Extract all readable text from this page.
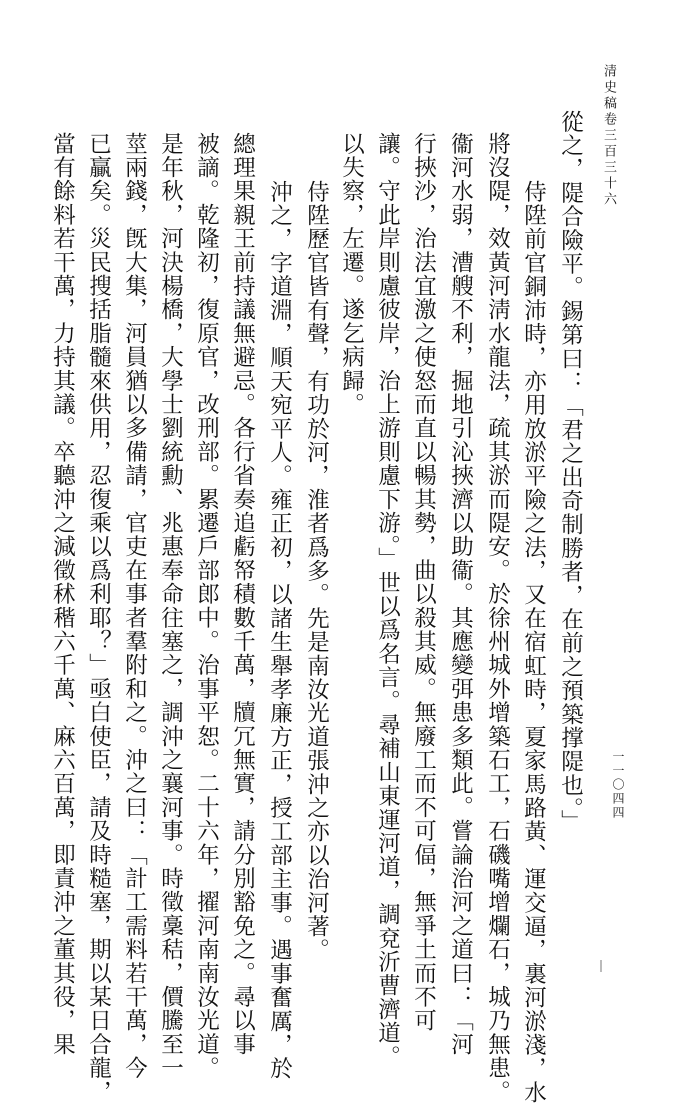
清史稿卷三百三十六
一一〇四四
從之，隄合險平。錫第曰：「君之出奇制勝者，在前之預築撑隄也。」
侍陞前官銅沛時，亦用放淤平險之法，又在宿虹時，夏家馬路黃、運交逼，裏河淤淺，水
將沒隄，效黃河淸水龍法，疏其淤而隄安。於徐州城外增築石工，石磯嘴增爛石，城乃無患。
衞河水弱，漕艘不利，掘地引沁挾濟以助衞。其應變弭患多類此。嘗論治河之道曰：「河
行挾沙，治法宜激之使怒而直以暢其勢，曲以殺其威。無廢工而不可偪，無爭土而不可
讓。守此岸則慮彼岸，治上游則慮下游。」世以爲名言。尋補山東運河道，調兗沂曹濟道。
以失察，左遷。遂乞病歸。
侍陞歷官皆有聲，有功於河，淮者爲多。先是南汝光道張沖之亦以治河著。
沖之，字道淵，順天宛平人。雍正初，以諸生舉孝廉方正，授工部主事。遇事奮厲，於
總理果親王前持議無避忌。各行省奏追虧帑積數千萬，牘冗無實，請分別豁免之。尋以事
被謫。乾隆初，復原官，改刑部。累遷戶部郎中。治事平恕。二十六年，擢河南南汝光道。
是年秋，河決楊橋，大學士劉統勳、兆惠奉命往塞之，調沖之襄河事。時徵稾秸，價騰至一
莖兩錢，旣大集，河員猶以多備請，官吏在事者羣附和之。沖之曰：「計工需料若干萬，今
已贏矣。災民搜括脂髓來供用，忍復乘以爲利耶？」亟白使臣，請及時糙塞，期以某日合龍，
當有餘料若干萬，力持其議。卒聽沖之減徵秫稭六千萬、麻六百萬，即責沖之董其役，果
